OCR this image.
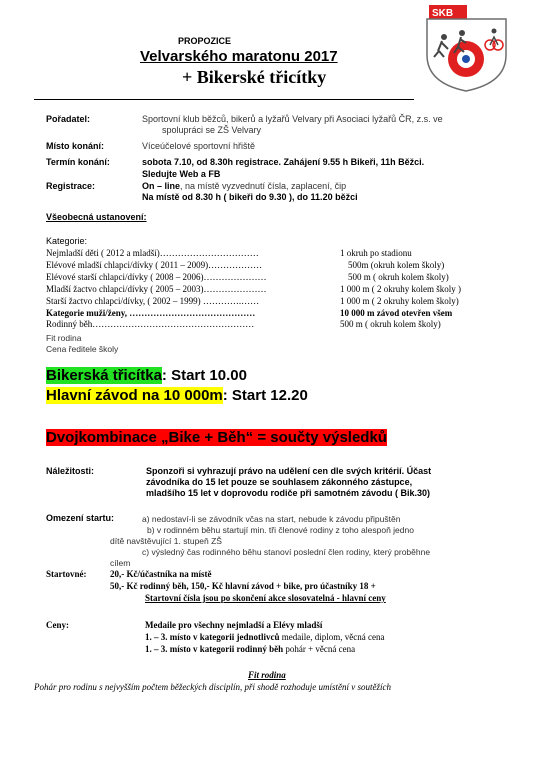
PROPOZICE
Velvarského maratonu 2017
+ Bikerské třicítky
SKB
Pořadatel:	Sportovní klub běžců, bikerů a lyžařů Velvary při Asociaci lyžařů ČR, z.s. ve
spolupráci se ZŠ Velvary
Místo konání:	Víceúčelové sportovní hřiště
Termín konání:	sobota 7.10, od 8.30h registrace. Zahájení 9.55 h Bikeři, 11h Běžci.
Sledujte Web a FB
Registrace:	On – line, na místě vyzvednutí čísla, zaplacení, čip
Na místě od 8.30 h ( bikeři do 9.30 ), do 11.20 běžci
Všeobecná ustanovení:
Kategorie:
Nejmladší děti ( 2012 a mladší)……………………………	1 okruh po stadionu
Elévové mladší chlapci/dívky ( 2011 – 2009)………………	500m (okruh kolem školy)
Elévové starší chlapci/dívky ( 2008 – 2006)…………………	500 m ( okruh kolem školy)
Mladší žactvo chlapci/dívky ( 2005 – 2003)…………………	1 000 m ( 2 okruhy kolem školy )
Starší žactvo chlapci/dívky, ( 2002 – 1999) ………….……	1 000 m ( 2 okruhy kolem školy)
Kategorie muži/ženy, ……………………………………	10 000 m závod otevřen všem
Rodinný běh………………………………………………	500 m ( okruh kolem školy)
Fit rodina
Cena ředitele školy
Bikerská třicítka: Start 10.00
Hlavní závod na 10 000m: Start 12.20
Dvojkombinace „Bike + Běh“ = součty výsledků
Náležitosti:	Sponzoři si vyhrazují právo na udělení cen dle svých kritérií. Účast
závodníka do 15 let pouze se souhlasem zákonného zástupce,
mladšího 15 let v doprovodu rodiče při samotném závodu ( Bik.30)
Omezení startu:	a) nedostaví-li se závodník včas na start, nebude k závodu připuštěn
b) v rodinném běhu startují min. tři členové rodiny z toho alespoň jedno
dítě navštěvující 1. stupeň ZŠ
c) výsledný čas rodinného běhu stanoví poslední člen rodiny, který proběhne
cílem
Startovné:	20,- Kč/účastníka na místě
50,- Kč rodinný běh, 150,- Kč hlavní závod + bike, pro účastníky 18 +
Startovní čísla jsou po skončení akce slosovatelná - hlavní ceny
Ceny:	Medaile pro všechny nejmladší a Elévy mladší
1. – 3. místo v kategorii jednotlivců medaile, diplom, věcná cena
1. – 3. místo v kategorii rodinný běh pohár + věcná cena
Fit rodina
Pohár pro rodinu s nejvyšším počtem běžeckých disciplín, při shodě rozhoduje umístění v soutěžích
